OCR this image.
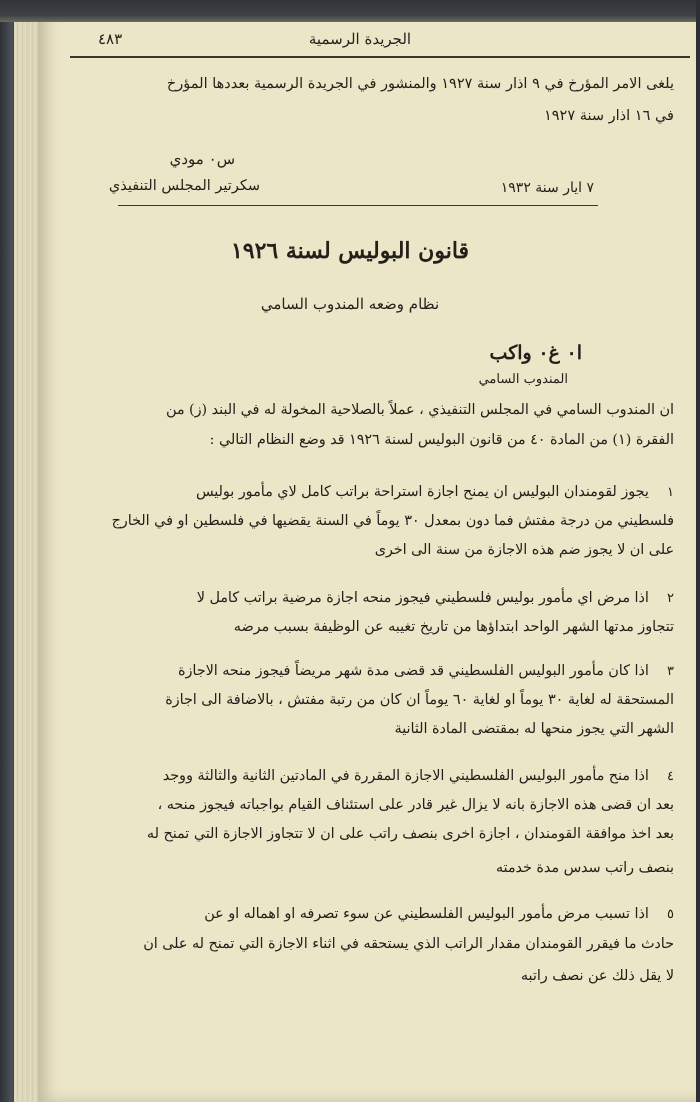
الجريدة الرسمية
٤٨٣
يلغى الامر المؤرخ في ٩ اذار سنة ١٩٢٧ والمنشور في الجريدة الرسمية بعددها المؤرخ
في ١٦ اذار سنة ١٩٢٧
س٠ مودي
سكرتير المجلس التنفيذي	٧ ايار سنة ١٩٣٢
قانون البوليس لسنة ١٩٢٦
نظام وضعه المندوب السامي
ا٠ غ٠ واكب
المندوب السامي
ان المندوب السامي في المجلس التنفيذي ، عملاً بالصلاحية المخولة له في البند (ز) من
الفقرة (١) من المادة ٤٠ من قانون البوليس لسنة ١٩٢٦ قد وضع النظام التالي :
١    يجوز لقومندان البوليس ان يمنح اجازة استراحة براتب كامل لاي مأمور بوليس
فلسطيني من درجة مفتش فما دون بمعدل ٣٠ يوماً في السنة يقضيها في فلسطين او في الخارج
على ان لا يجوز ضم هذه الاجازة من سنة الى اخرى
٢    اذا مرض اي مأمور بوليس فلسطيني فيجوز منحه اجازة مرضية براتب كامل لا
تتجاوز مدتها الشهر الواحد ابتداؤها من تاريخ تغيبه عن الوظيفة بسبب مرضه
٣    اذا كان مأمور البوليس الفلسطيني قد قضى مدة شهر مريضاً فيجوز منحه الاجازة
المستحقة له لغاية ٣٠ يوماً او لغاية ٦٠ يوماً ان كان من رتبة مفتش ، بالاضافة الى اجازة
الشهر التي يجوز منحها له بمقتضى المادة الثانية
٤    اذا منح مأمور البوليس الفلسطيني الاجازة المقررة في المادتين الثانية والثالثة ووجد
بعد ان قضى هذه الاجازة بانه لا يزال غير قادر على استئناف القيام بواجباته فيجوز منحه ،
بعد اخذ موافقة القومندان ، اجازة اخرى بنصف راتب على ان لا تتجاوز الاجازة التي تمنح له
بنصف راتب سدس مدة خدمته
٥    اذا تسبب مرض مأمور البوليس الفلسطيني عن سوء تصرفه او اهماله او عن
حادث ما فيقرر القومندان مقدار الراتب الذي يستحقه في اثناء الاجازة التي تمنح له على ان
لا يقل ذلك عن نصف راتبه
